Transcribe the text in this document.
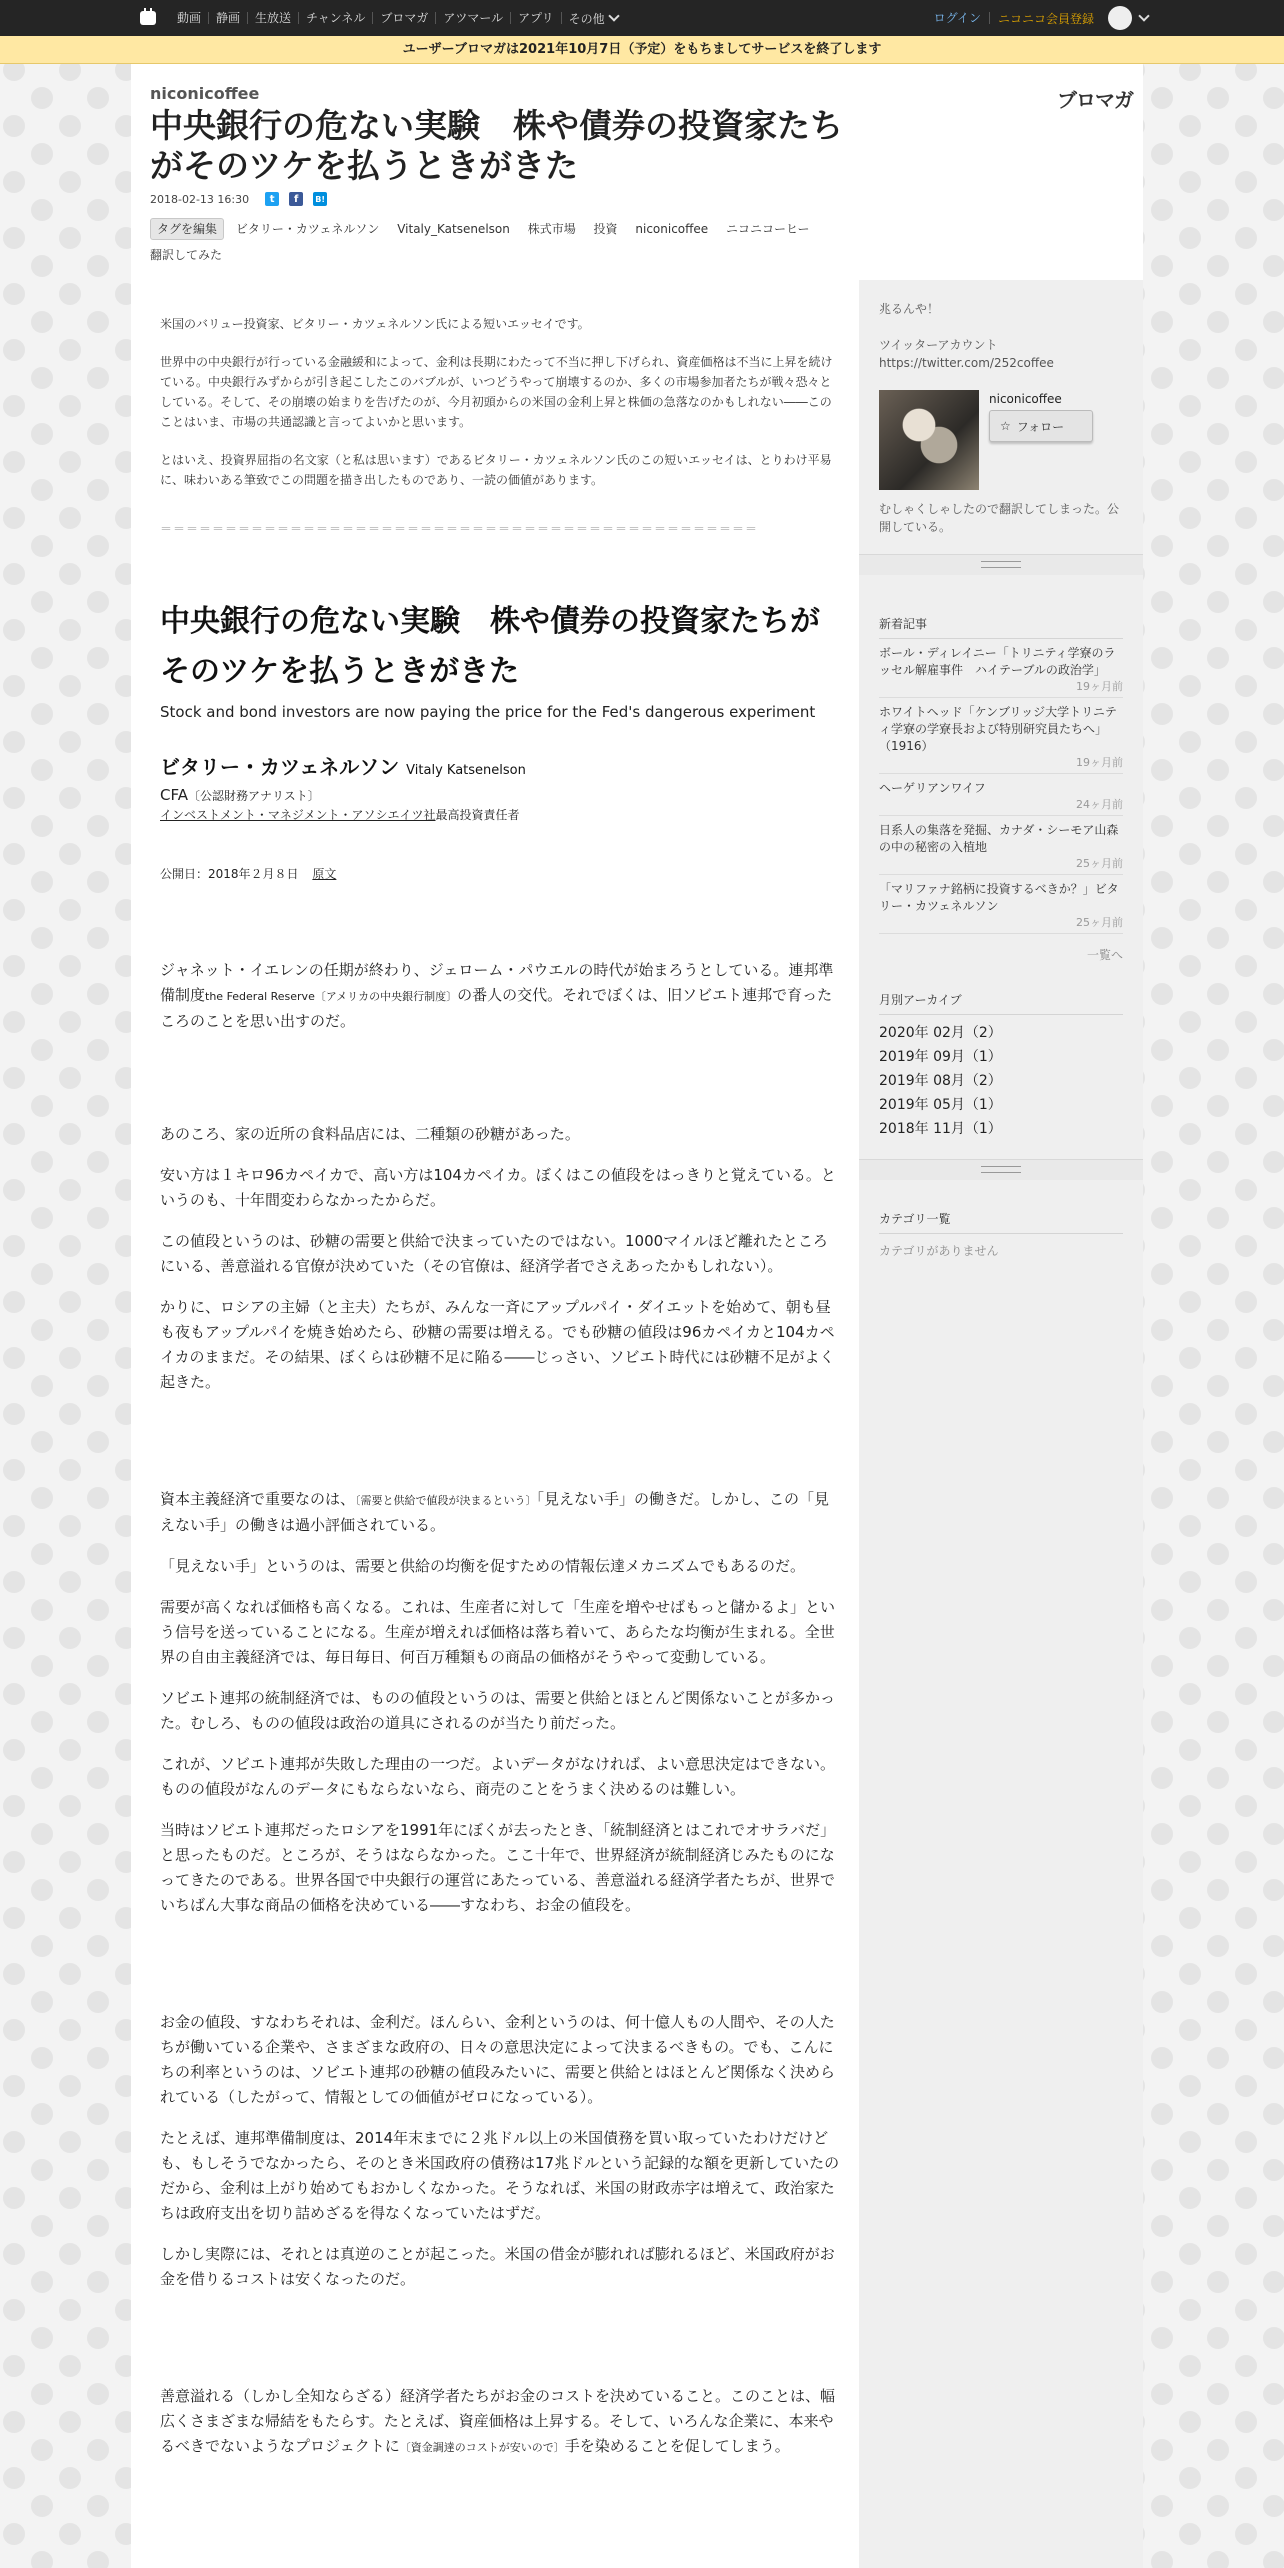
動画	静画	生放送	チャンネル	ブロマガ	アツマール	アプリ	その他	ログイン	ニコニコ会員登録
ユーザーブロマガは2021年10月7日（予定）をもちましてサービスを終了します
niconicoffee	ブロマガ
中央銀行の危ない実験　株や債券の投資家たちがそのツケを払うときがきた
2018-02-13 16:30	t	f	B!
タグを編集 ビタリー・カツェネルソン Vitaly_Katsenelson 株式市場 投資 niconicoffee ニコニコーヒー 翻訳してみた

米国のバリュー投資家、ビタリー・カツェネルソン氏による短いエッセイです。

世界中の中央銀行が行っている金融緩和によって、金利は長期にわたって不当に押し下げられ、資産価格は不当に上昇を続けている。中央銀行みずからが引き起こしたこのバブルが、いつどうやって崩壊するのか、多くの市場参加者たちが戦々恐々としている。そして、その崩壊の始まりを告げたのが、今月初頭からの米国の金利上昇と株価の急落なのかもしれない――このことはいま、市場の共通認識と言ってよいかと思います。

とはいえ、投資界屈指の名文家（と私は思います）であるビタリー・カツェネルソン氏のこの短いエッセイは、とりわけ平易に、味わいある筆致でこの問題を描き出したものであり、一読の価値があります。

＝＝＝＝＝＝＝＝＝＝＝＝＝＝＝＝＝＝＝＝＝＝＝＝＝＝＝＝＝＝＝＝＝＝＝＝＝＝＝＝＝＝＝＝＝＝
中央銀行の危ない実験　株や債券の投資家たちがそのツケを払うときがきた
Stock and bond investors are now paying the price for the Fed's dangerous experiment
ビタリー・カツェネルソン Vitaly Katsenelson
CFA〔公認財務アナリスト〕
インベストメント・マネジメント・アソシエイツ社最高投資責任者
公開日：2018年２月８日 原文

ジャネット・イエレンの任期が終わり、ジェローム・パウエルの時代が始まろうとしている。連邦準備制度the Federal Reserve〔アメリカの中央銀行制度〕の番人の交代。それでぼくは、旧ソビエト連邦で育ったころのことを思い出すのだ。

あのころ、家の近所の食料品店には、二種類の砂糖があった。

安い方は１キロ96カペイカで、高い方は104カペイカ。ぼくはこの値段をはっきりと覚えている。というのも、十年間変わらなかったからだ。

この値段というのは、砂糖の需要と供給で決まっていたのではない。1000マイルほど離れたところにいる、善意溢れる官僚が決めていた（その官僚は、経済学者でさえあったかもしれない）。

かりに、ロシアの主婦（と主夫）たちが、みんな一斉にアップルパイ・ダイエットを始めて、朝も昼も夜もアップルパイを焼き始めたら、砂糖の需要は増える。でも砂糖の値段は96カペイカと104カペイカのままだ。その結果、ぼくらは砂糖不足に陥る――じっさい、ソビエト時代には砂糖不足がよく起きた。

資本主義経済で重要なのは、〔需要と供給で値段が決まるという〕「見えない手」の働きだ。しかし、この「見えない手」の働きは過小評価されている。

「見えない手」というのは、需要と供給の均衡を促すための情報伝達メカニズムでもあるのだ。

需要が高くなれば価格も高くなる。これは、生産者に対して「生産を増やせばもっと儲かるよ」という信号を送っていることになる。生産が増えれば価格は落ち着いて、あらたな均衡が生まれる。全世界の自由主義経済では、毎日毎日、何百万種類もの商品の価格がそうやって変動している。

ソビエト連邦の統制経済では、ものの値段というのは、需要と供給とほとんど関係ないことが多かった。むしろ、ものの値段は政治の道具にされるのが当たり前だった。

これが、ソビエト連邦が失敗した理由の一つだ。よいデータがなければ、よい意思決定はできない。ものの値段がなんのデータにもならないなら、商売のことをうまく決めるのは難しい。

当時はソビエト連邦だったロシアを1991年にぼくが去ったとき、「統制経済とはこれでオサラバだ」と思ったものだ。ところが、そうはならなかった。ここ十年で、世界経済が統制経済じみたものになってきたのである。世界各国で中央銀行の運営にあたっている、善意溢れる経済学者たちが、世界でいちばん大事な商品の価格を決めている――すなわち、お金の値段を。

お金の値段、すなわちそれは、金利だ。ほんらい、金利というのは、何十億人もの人間や、その人たちが働いている企業や、さまざまな政府の、日々の意思決定によって決まるべきもの。でも、こんにちの利率というのは、ソビエト連邦の砂糖の値段みたいに、需要と供給とはほとんど関係なく決められている（したがって、情報としての価値がゼロになっている）。

たとえば、連邦準備制度は、2014年末までに２兆ドル以上の米国債務を買い取っていたわけだけども、もしそうでなかったら、そのとき米国政府の債務は17兆ドルという記録的な額を更新していたのだから、金利は上がり始めてもおかしくなかった。そうなれば、米国の財政赤字は増えて、政治家たちは政府支出を切り詰めざるを得なくなっていたはずだ。

しかし実際には、それとは真逆のことが起こった。米国の借金が膨れれば膨れるほど、米国政府がお金を借りるコストは安くなったのだ。

善意溢れる（しかし全知ならざる）経済学者たちがお金のコストを決めていること。このことは、幅広くさまざまな帰結をもたらす。たとえば、資産価格は上昇する。そして、いろんな企業に、本来やるべきでないようなプロジェクトに〔資金調達のコストが安いので〕手を染めることを促してしまう。

兆るんや！

ツイッターアカウント https://twitter.com/252coffee

niconicoffee
☆ フォロー
むしゃくしゃしたので翻訳してしまった。公開している。
新着記事
ボール・ディレイニー「トリニティ学寮のラッセル解雇事件　ハイテーブルの政治学」
19ヶ月前
ホワイトヘッド「ケンブリッジ大学トリニティ学寮の学寮長および特別研究員たちへ」（1916）
19ヶ月前
ヘーゲリアンワイフ
24ヶ月前
日系人の集落を発掘、カナダ・シーモア山森の中の秘密の入植地
25ヶ月前
「マリファナ銘柄に投資するべきか？」ビタリー・カツェネルソン
25ヶ月前
一覧へ
月別アーカイブ
2020年 02月（2）
2019年 09月（1）
2019年 08月（2）
2019年 05月（1）
2018年 11月（1）
カテゴリ一覧
カテゴリがありません
